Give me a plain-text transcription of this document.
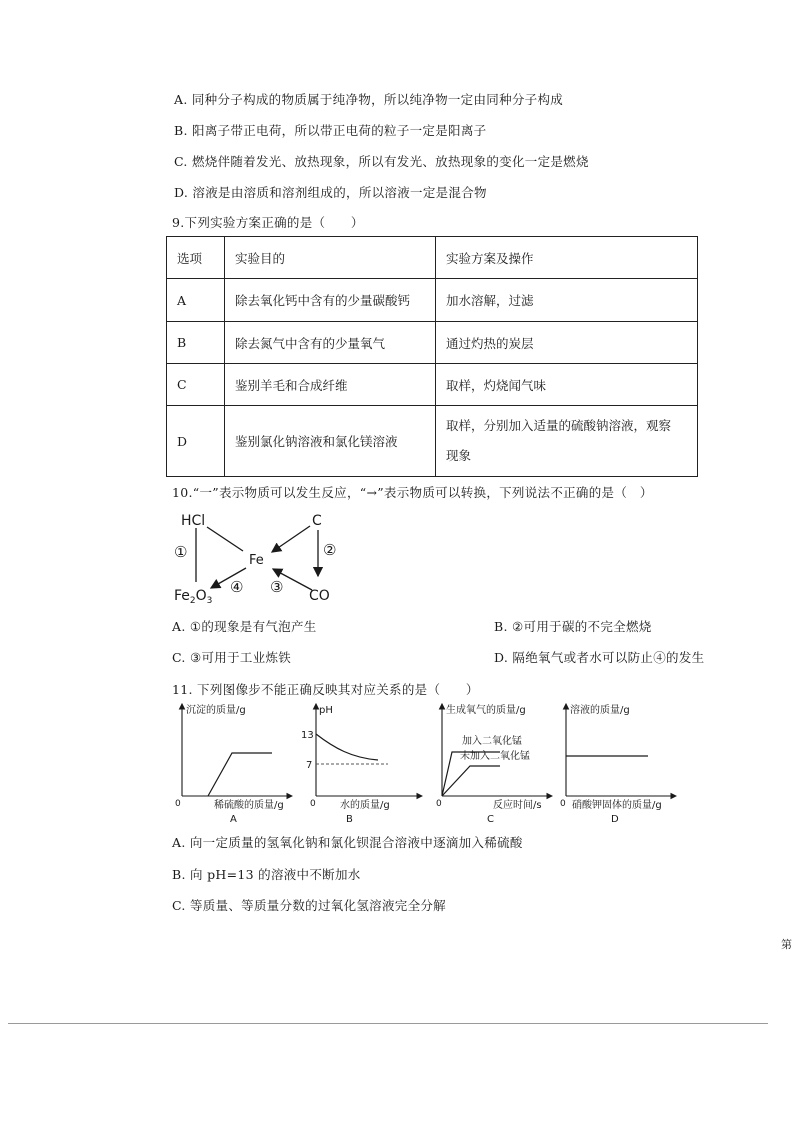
A. 同种分子构成的物质属于纯净物，所以纯净物一定由同种分子构成
B. 阳离子带正电荷，所以带正电荷的粒子一定是阳离子
C. 燃烧伴随着发光、放热现象，所以有发光、放热现象的变化一定是燃烧
D. 溶液是由溶质和溶剂组成的，所以溶液一定是混合物
9.下列实验方案正确的是（　　）
选项	实验目的	实验方案及操作
A	除去氧化钙中含有的少量碳酸钙	加水溶解，过滤
B	除去氮气中含有的少量氧气	通过灼热的炭层
C	鉴别羊毛和合成纤维	取样，灼烧闻气味
D	鉴别氯化钠溶液和氯化镁溶液	取样，分别加入适量的硫酸钠溶液，观察
现象
10.“一”表示物质可以发生反应，“→”表示物质可以转换，下列说法不正确的是（　）
HCl	C
Fe
$Fe_2O_3$	CO
①	②
③
④
A. ①的现象是有气泡产生	B. ②可用于碳的不完全燃烧
C. ③可用于工业炼铁	D. 隔绝氧气或者水可以防止④的发生
11. 下列图像步不能正确反映其对应关系的是（　　）
沉淀的质量/g
0	稀硫酸的质量/g
A
pH
13
7
0 水的质量/g
B
生成氧气的质量/g
加入二氧化锰
未加入二氧化锰
0	反应时间/s
C
溶液的质量/g
0 硝酸钾固体的质量/g
D
A. 向一定质量的氢氧化钠和氯化钡混合溶液中逐滴加入稀硫酸
B. 向 pH=13 的溶液中不断加水
C. 等质量、等质量分数的过氧化氢溶液完全分解
第
